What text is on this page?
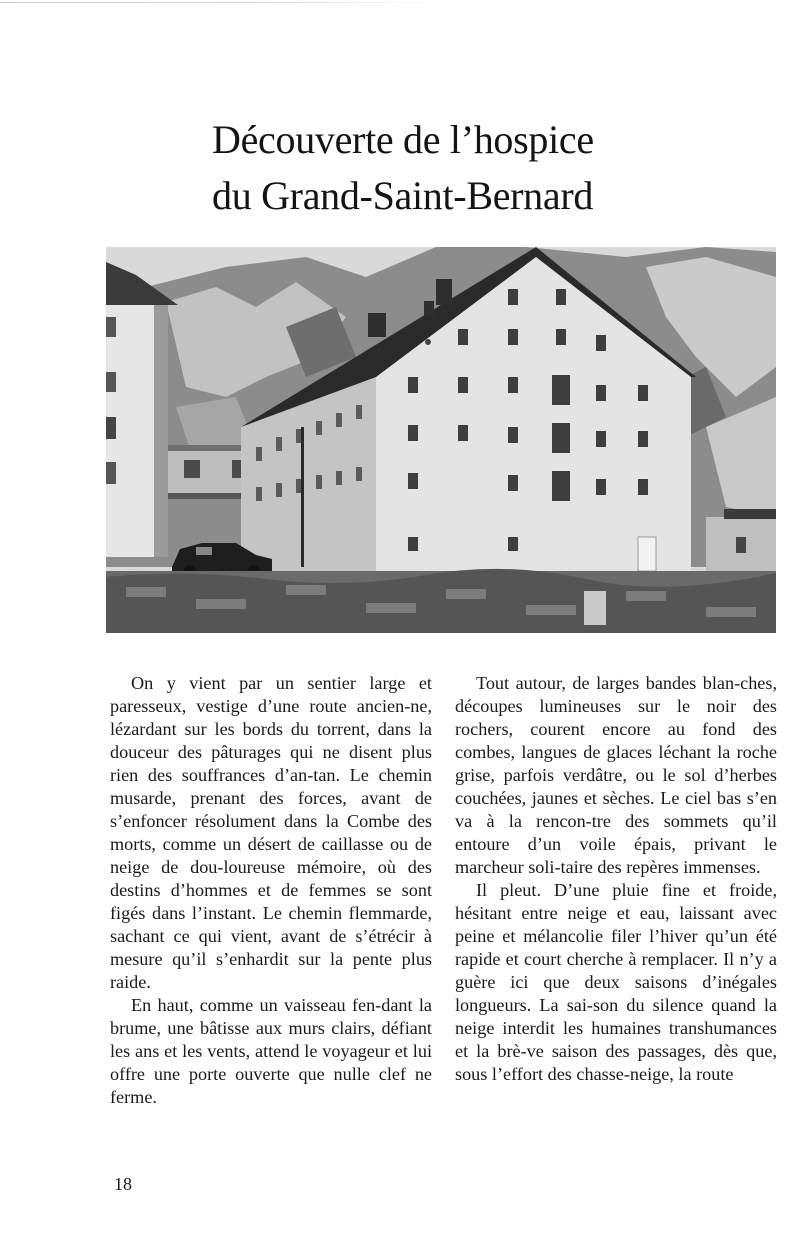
Découverte de l’hospice
du Grand-Saint-Bernard

On y vient par un sentier large et paresseux, vestige d’une route ancien-ne, lézardant sur les bords du torrent, dans la douceur des pâturages qui ne disent plus rien des souffrances d’an-tan. Le chemin musarde, prenant des forces, avant de s’enfoncer résolument dans la Combe des morts, comme un désert de caillasse ou de neige de dou-loureuse mémoire, où des destins d’hommes et de femmes se sont figés dans l’instant. Le chemin flemmarde, sachant ce qui vient, avant de s’étrécir à mesure qu’il s’enhardit sur la pente plus raide.

En haut, comme un vaisseau fen-dant la brume, une bâtisse aux murs clairs, défiant les ans et les vents, attend le voyageur et lui offre une porte ouverte que nulle clef ne ferme.

Tout autour, de larges bandes blan-ches, découpes lumineuses sur le noir des rochers, courent encore au fond des combes, langues de glaces léchant la roche grise, parfois verdâtre, ou le sol d’herbes couchées, jaunes et sèches. Le ciel bas s’en va à la rencon-tre des sommets qu’il entoure d’un voile épais, privant le marcheur soli-taire des repères immenses.

Il pleut. D’une pluie fine et froide, hésitant entre neige et eau, laissant avec peine et mélancolie filer l’hiver qu’un été rapide et court cherche à remplacer. Il n’y a guère ici que deux saisons d’inégales longueurs. La sai-son du silence quand la neige interdit les humaines transhumances et la brè-ve saison des passages, dès que, sous l’effort des chasse-neige, la route

18
